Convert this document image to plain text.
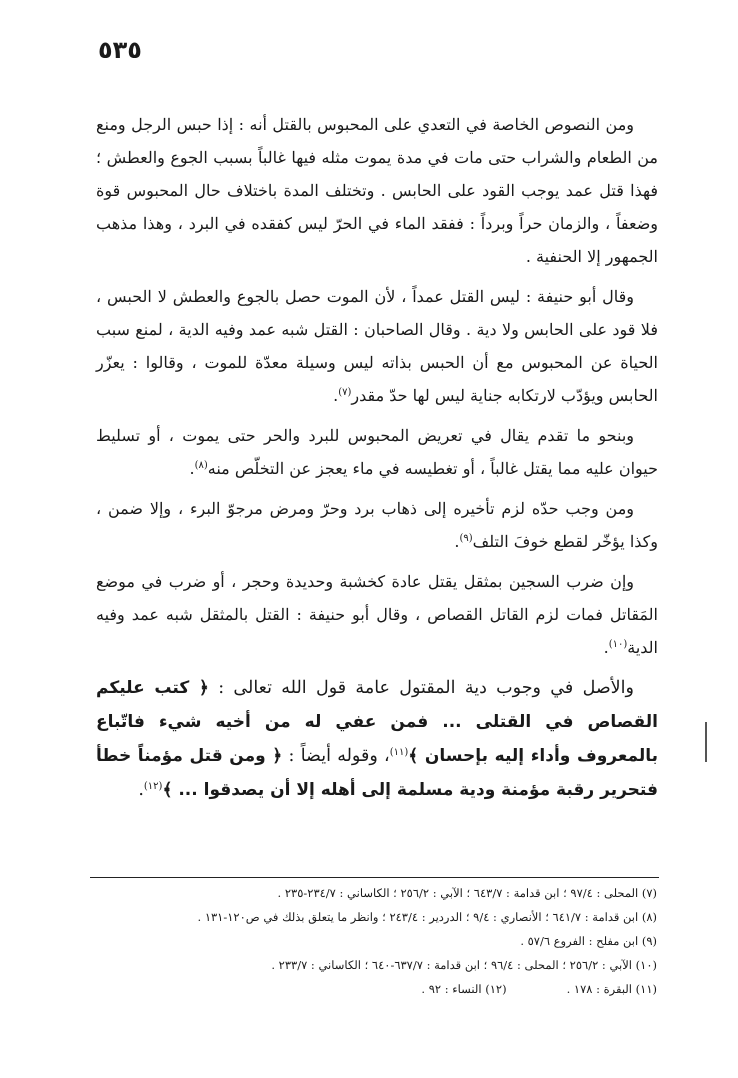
٥٣٥

ومن النصوص الخاصة في التعدي على المحبوس بالقتل أنه : إذا حبس الرجل ومنع من الطعام والشراب حتى مات في مدة يموت مثله فيها غالباً بسبب الجوع والعطش ؛ فهذا قتل عمد يوجب القود على الحابس . وتختلف المدة باختلاف حال المحبوس قوة وضعفاً ، والزمان حراً وبرداً : ففقد الماء في الحرّ ليس كفقده في البرد ، وهذا مذهب الجمهور إلا الحنفية .

وقال أبو حنيفة : ليس القتل عمداً ، لأن الموت حصل بالجوع والعطش لا الحبس ، فلا قود على الحابس ولا دية . وقال الصاحبان : القتل شبه عمد وفيه الدية ، لمنع سبب الحياة عن المحبوس مع أن الحبس بذاته ليس وسيلة معدّة للموت ، وقالوا : يعزّر الحابس ويؤدّب لارتكابه جناية ليس لها حدّ مقدر$^{(٧)}$.

وبنحو ما تقدم يقال في تعريض المحبوس للبرد والحر حتى يموت ، أو تسليط حيوان عليه مما يقتل غالباً ، أو تغطيسه في ماء يعجز عن التخلّص منه$^{(٨)}$.

ومن وجب حدّه لزم تأخيره إلى ذهاب برد وحرّ ومرض مرجوّ البرء ، وإلا ضمن ، وكذا يؤخّر لقطع خوفَ التلف$^{(٩)}$.

وإن ضرب السجين بمثقل يقتل عادة كخشبة وحديدة وحجر ، أو ضرب في موضع المَقاتل فمات لزم القاتل القصاص ، وقال أبو حنيفة : القتل بالمثقل شبه عمد وفيه الدية$^{(١٠)}$.

والأصل في وجوب دية المقتول عامة قول الله تعالى : ﴿ كتب عليكم القصاص في القتلى ... فمن عفي له من أخيه شيء فاتّباع بالمعروف وأداء إليه بإحسان ﴾$^{(١١)}$، وقوله أيضاً : ﴿ ومن قتل مؤمناً خطأ فتحرير رقبة مؤمنة ودية مسلمة إلى أهله إلا أن يصدقوا ... ﴾$^{(١٢)}$.

(٧) المحلى : ٩٧/٤ ؛ ابن قدامة : ٦٤٣/٧ ؛ الآبي : ٢٥٦/٢ ؛ الكاساني : ٢٣٤/٧-٢٣٥ .
(٨) ابن قدامة : ٦٤١/٧ ؛ الأنصاري : ٩/٤ ؛ الدردير : ٢٤٣/٤ ؛ وانظر ما يتعلق بذلك في ص١٢٠-١٣١ .
(٩) ابن مفلح : الفروع ٥٧/٦ .
(١٠) الآبي : ٢٥٦/٢ ؛ المحلى : ٩٦/٤ ؛ ابن قدامة : ٦٣٧/٧-٦٤٠ ؛ الكاساني : ٢٣٣/٧ .
(١١) البقرة : ١٧٨ .
(١٢) النساء : ٩٢ .
